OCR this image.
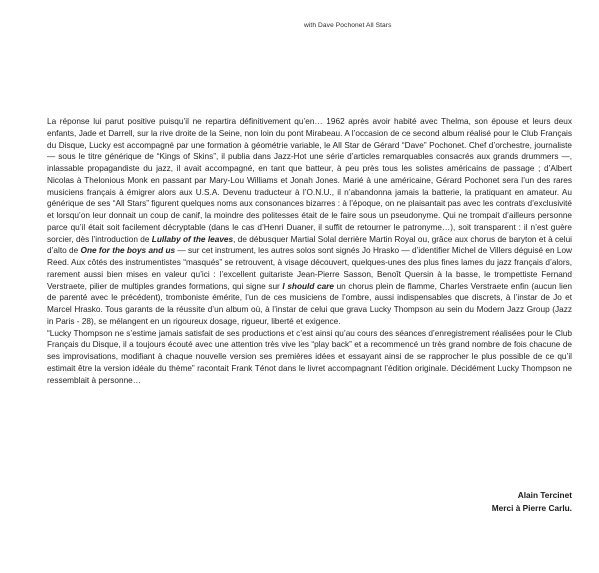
with Dave Pochonet All Stars

La réponse lui parut positive puisqu’il ne repartira définitivement qu’en… 1962 après avoir habité avec Thelma, son épouse et leurs deux enfants, Jade et Darrell, sur la rive droite de la Seine, non loin du pont Mirabeau. A l’occasion de ce second album réalisé pour le Club Français du Disque, Lucky est accompagné par une formation à géométrie variable, le All Star de Gérard “Dave” Pochonet. Chef d’orchestre, journaliste — sous le titre générique de “Kings of Skins”, il publia dans Jazz-Hot une série d’articles remarquables consacrés aux grands drummers —, inlassable propagandiste du jazz, il avait accompagné, en tant que batteur, à peu près tous les solistes américains de passage ; d’Albert Nicolas à Thelonious Monk en passant par Mary-Lou Williams et Jonah Jones. Marié à une américaine, Gérard Pochonet sera l’un des rares musiciens français à émigrer alors aux U.S.A. Devenu traducteur à l’O.N.U., il n’abandonna jamais la batterie, la pratiquant en amateur. Au générique de ses “All Stars” figurent quelques noms aux consonances bizarres : à l’époque, on ne plaisantait pas avec les contrats d’exclusivité et lorsqu’on leur donnait un coup de canif, la moindre des politesses était de le faire sous un pseudonyme. Qui ne trompait d’ailleurs personne parce qu’il était soit facilement décryptable (dans le cas d’Henri Duaner, il suffit de retourner le patronyme…), soit transparent : il n’est guère sorcier, dès l’introduction de Lullaby of the leaves, de débusquer Martial Solal derrière Martin Royal ou, grâce aux chorus de baryton et à celui d’alto de One for the boys and us — sur cet instrument, les autres solos sont signés Jo Hrasko — d’identifier Michel de Villers déguisé en Low Reed. Aux côtés des instrumentistes “masqués” se retrouvent, à visage découvert, quelques-unes des plus fines lames du jazz français d’alors, rarement aussi bien mises en valeur qu’ici : l’excellent guitariste Jean-Pierre Sasson, Benoît Quersin à la basse, le trompettiste Fernand Verstraete, pilier de multiples grandes formations, qui signe sur I should care un chorus plein de flamme, Charles Verstraete enfin (aucun lien de parenté avec le précédent), tromboniste émérite, l’un de ces musiciens de l’ombre, aussi indispensables que discrets, à l’instar de Jo et Marcel Hrasko. Tous garants de la réussite d’un album où, à l’instar de celui que grava Lucky Thompson au sein du Modern Jazz Group (Jazz in Paris - 28), se mélangent en un rigoureux dosage, rigueur, liberté et exigence.

“Lucky Thompson ne s’estime jamais satisfait de ses productions et c’est ainsi qu’au cours des séances d’enregistrement réalisées pour le Club Français du Disque, il a toujours écouté avec une attention très vive les “play back” et a recommencé un très grand nombre de fois chacune de ses improvisations, modifiant à chaque nouvelle version ses premières idées et essayant ainsi de se rapprocher le plus possible de ce qu’il estimait être la version idéale du thème” racontait Frank Ténot dans le livret accompagnant l’édition originale. Décidément Lucky Thompson ne ressemblait à personne…

Alain Tercinet
Merci à Pierre Carlu.
